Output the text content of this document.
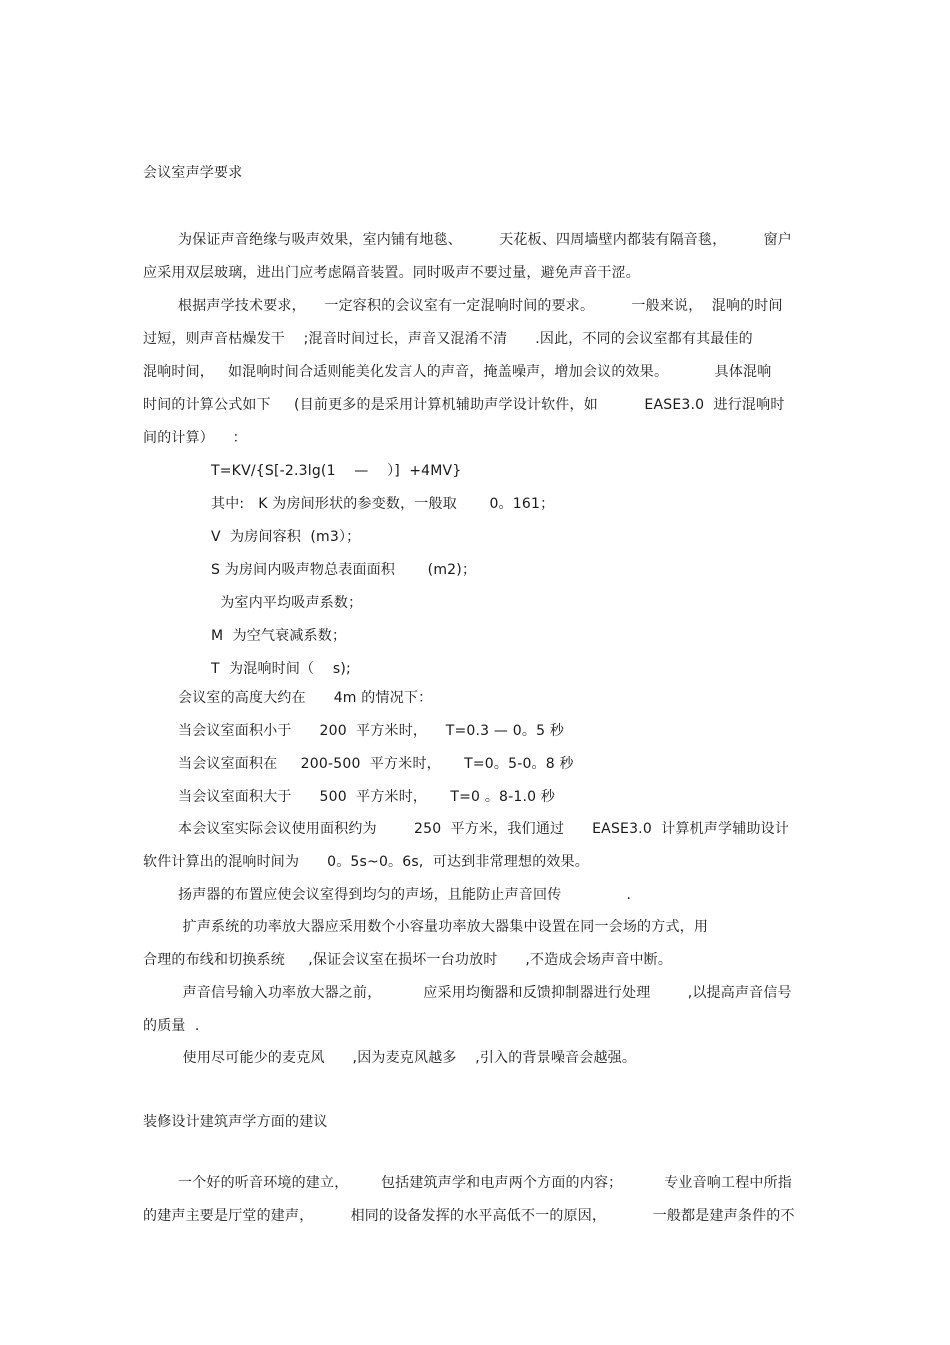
会议室声学要求
为保证声音绝缘与吸声效果，室内铺有地毯、        天花板、四周墙壁内都装有隔音毯，        窗户
应采用双层玻璃，进出门应考虑隔音装置。同时吸声不要过量，避免声音干涩。
根据声学技术要求，    一定容积的会议室有一定混响时间的要求。        一般来说，  混响的时间
过短，则声音枯燥发干    ;混音时间过长，声音又混淆不清      .因此，不同的会议室都有其最佳的
混响时间，   如混响时间合适则能美化发言人的声音，掩盖噪声，增加会议的效果。          具体混响
时间的计算公式如下     (目前更多的是采用计算机辅助声学设计软件，如          EASE3.0  进行混响时
间的计算）    ：
T=KV/{S[-2.3lg(1    —    ）]  +4MV}
其中:   K 为房间形状的参变数，一般取       0。161；
V  为房间容积  (m3）；
S 为房间内吸声物总表面面积       (m2)；
为室内平均吸声系数；
M  为空气衰减系数；
T  为混响时间（    s);
会议室的高度大约在      4m 的情况下：
当会议室面积小于      200  平方米时，    T=0.3 — 0。5 秒
当会议室面积在     200-500  平方米时，     T=0。5-0。8 秒
当会议室面积大于      500  平方米时，     T=0 。8-1.0 秒
本会议室实际会议使用面积约为        250  平方米，我们通过      EASE3.0  计算机声学辅助设计
软件计算出的混响时间为      0。5s~0。6s,  可达到非常理想的效果。
扬声器的布置应使会议室得到均匀的声场，且能防止声音回传              .
扩声系统的功率放大器应采用数个小容量功率放大器集中设置在同一会场的方式，用
合理的布线和切换系统     ,保证会议室在损坏一台功放时      ,不造成会场声音中断。
声音信号输入功率放大器之前，         应采用均衡器和反馈抑制器进行处理        ,以提高声音信号
的质量  .
使用尽可能少的麦克风      ,因为麦克风越多    ,引入的背景噪音会越强。
装修设计建筑声学方面的建议
一个好的听音环境的建立，       包括建筑声学和电声两个方面的内容；         专业音响工程中所指
的建声主要是厅堂的建声，        相同的设备发挥的水平高低不一的原因，          一般都是建声条件的不
